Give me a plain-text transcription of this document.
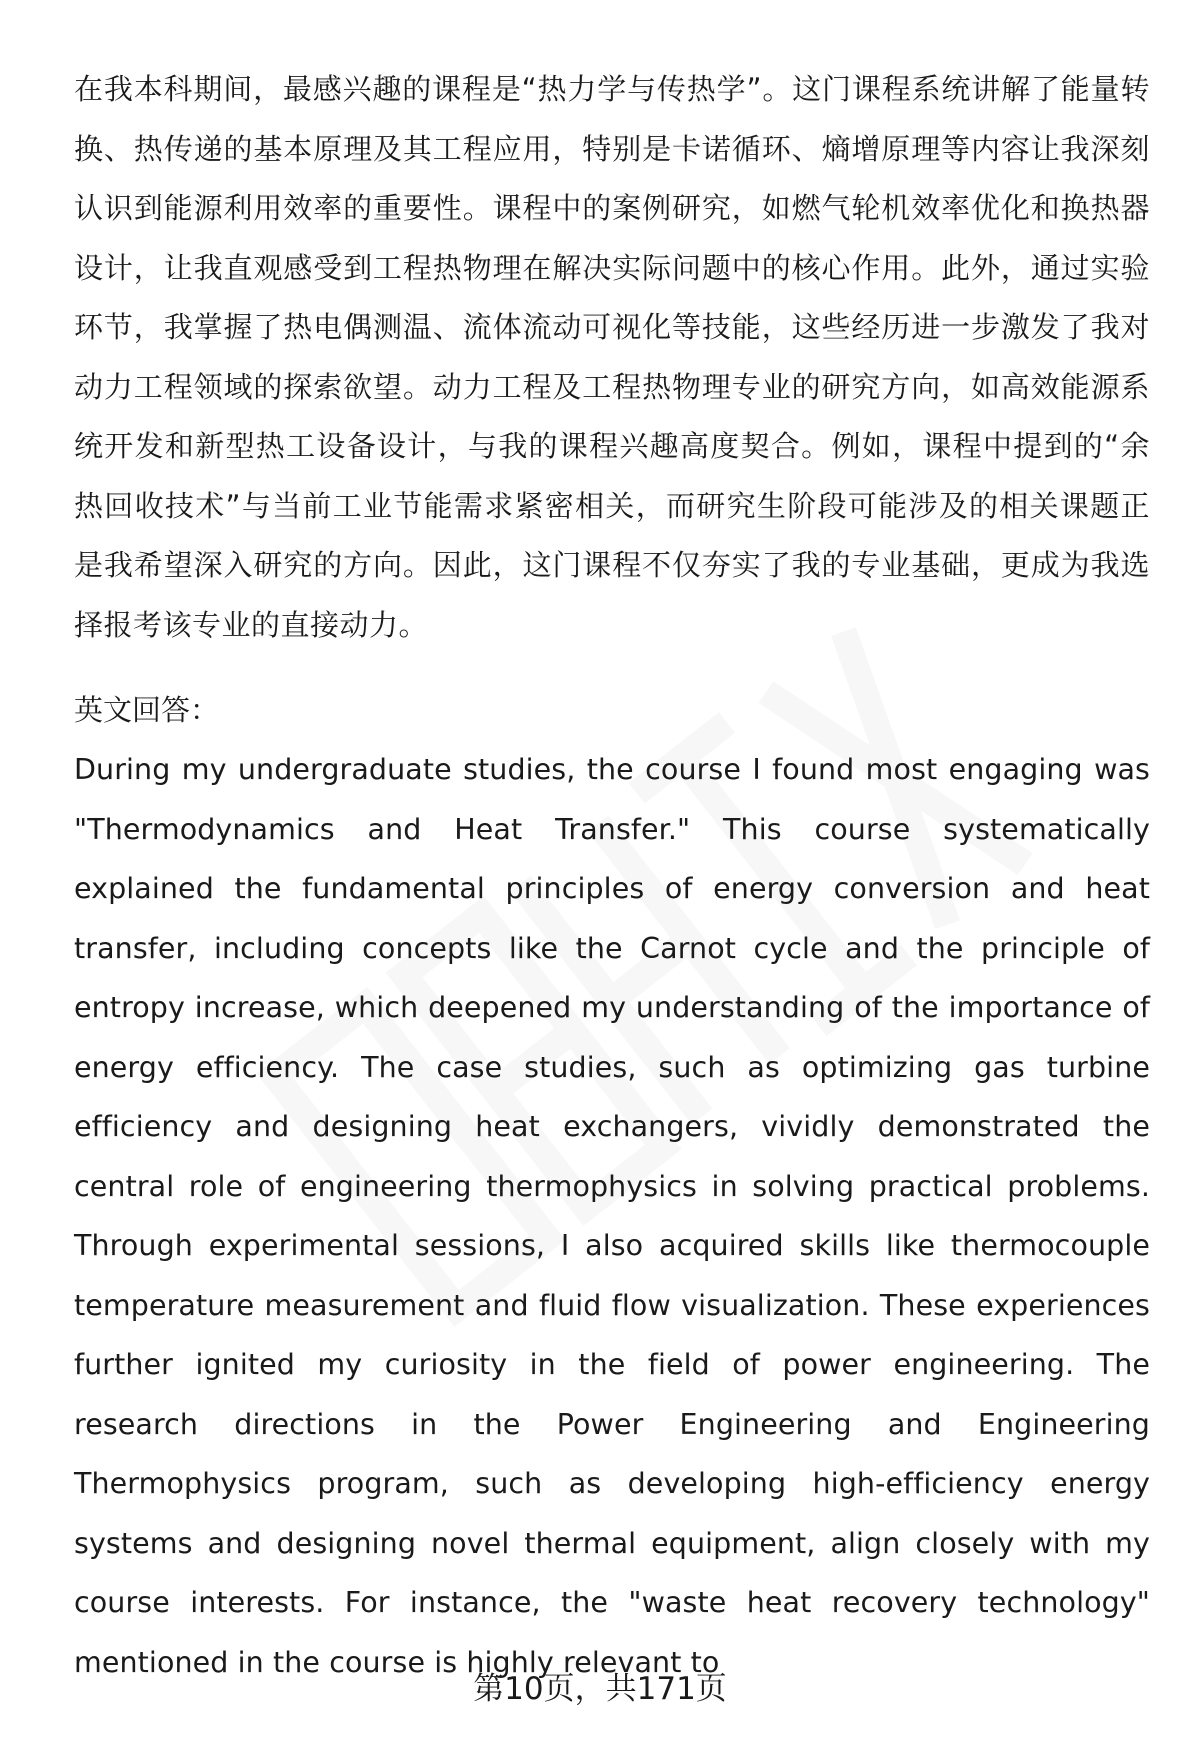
在我本科期间，最感兴趣的课程是“热力学与传热学”。这门课程系统讲解了能量转换、热传递的基本原理及其工程应用，特别是卡诺循环、熵增原理等内容让我深刻认识到能源利用效率的重要性。课程中的案例研究，如燃气轮机效率优化和换热器设计，让我直观感受到工程热物理在解决实际问题中的核心作用。此外，通过实验环节，我掌握了热电偶测温、流体流动可视化等技能，这些经历进一步激发了我对动力工程领域的探索欲望。动力工程及工程热物理专业的研究方向，如高效能源系统开发和新型热工设备设计，与我的课程兴趣高度契合。例如，课程中提到的“余热回收技术”与当前工业节能需求紧密相关，而研究生阶段可能涉及的相关课题正是我希望深入研究的方向。因此，这门课程不仅夯实了我的专业基础，更成为我选择报考该专业的直接动力。

英文回答：

During my undergraduate studies, the course I found most engaging was "Thermodynamics and Heat Transfer." This course systematically explained the fundamental principles of energy conversion and heat transfer, including concepts like the Carnot cycle and the principle of entropy increase, which deepened my understanding of the importance of energy efficiency. The case studies, such as optimizing gas turbine efficiency and designing heat exchangers, vividly demonstrated the central role of engineering thermophysics in solving practical problems. Through experimental sessions, I also acquired skills like thermocouple temperature measurement and fluid flow visualization. These experiences further ignited my curiosity in the field of power engineering. The research directions in the Power Engineering and Engineering Thermophysics program, such as developing high-efficiency energy systems and designing novel thermal equipment, align closely with my course interests. For instance, the "waste heat recovery technology" mentioned in the course is highly relevant to

第10页，共171页
